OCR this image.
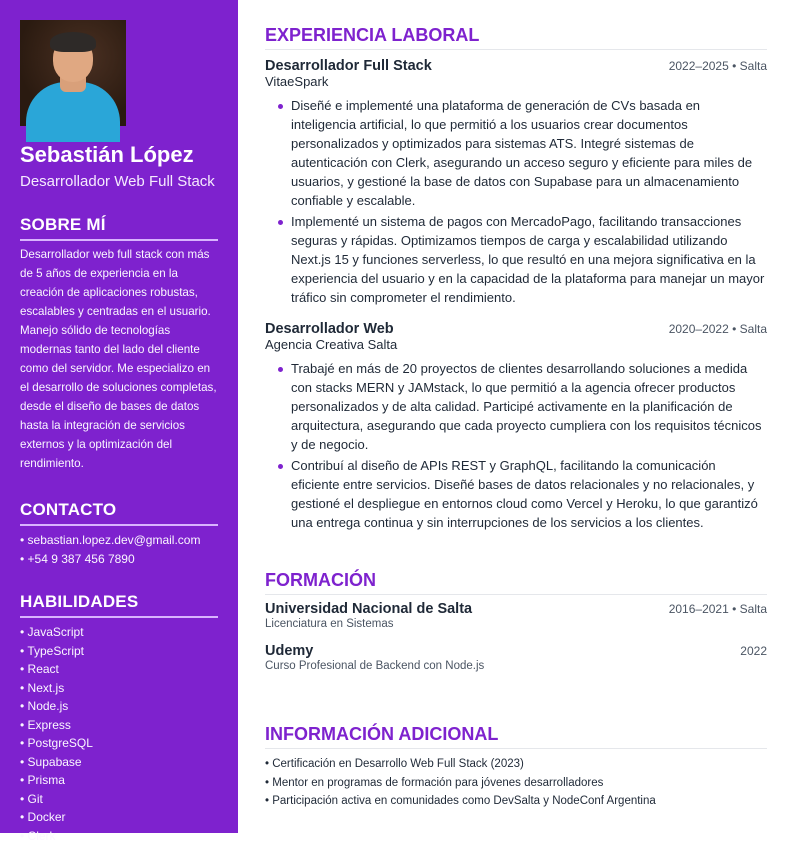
Sebastián López
Desarrollador Web Full Stack
SOBRE MÍ

Desarrollador web full stack con más de 5 años de experiencia en la creación de aplicaciones robustas, escalables y centradas en el usuario. Manejo sólido de tecnologías modernas tanto del lado del cliente como del servidor. Me especializo en el desarrollo de soluciones completas, desde el diseño de bases de datos hasta la integración de servicios externos y la optimización del rendimiento.

CONTACTO
• sebastian.lopez.dev@gmail.com
• +54 9 387 456 7890
HABILIDADES
• JavaScript
• TypeScript
• React
• Next.js
• Node.js
• Express
• PostgreSQL
• Supabase
• Prisma
• Git
• Docker
• Clerk
EXPERIENCIA LABORAL
Desarrollador Full Stack	2022–2025 • Salta
VitaeSpark
Diseñé e implementé una plataforma de generación de CVs basada en inteligencia artificial, lo que permitió a los usuarios crear documentos personalizados y optimizados para sistemas ATS. Integré sistemas de autenticación con Clerk, asegurando un acceso seguro y eficiente para miles de usuarios, y gestioné la base de datos con Supabase para un almacenamiento confiable y escalable.
Implementé un sistema de pagos con MercadoPago, facilitando transacciones seguras y rápidas. Optimizamos tiempos de carga y escalabilidad utilizando Next.js 15 y funciones serverless, lo que resultó en una mejora significativa en la experiencia del usuario y en la capacidad de la plataforma para manejar un mayor tráfico sin comprometer el rendimiento.
Desarrollador Web	2020–2022 • Salta
Agencia Creativa Salta
Trabajé en más de 20 proyectos de clientes desarrollando soluciones a medida con stacks MERN y JAMstack, lo que permitió a la agencia ofrecer productos personalizados y de alta calidad. Participé activamente en la planificación de arquitectura, asegurando que cada proyecto cumpliera con los requisitos técnicos y de negocio.
Contribuí al diseño de APIs REST y GraphQL, facilitando la comunicación eficiente entre servicios. Diseñé bases de datos relacionales y no relacionales, y gestioné el despliegue en entornos cloud como Vercel y Heroku, lo que garantizó una entrega continua y sin interrupciones de los servicios a los clientes.
FORMACIÓN
Universidad Nacional de Salta	2016–2021 • Salta
Licenciatura en Sistemas
Udemy	2022
Curso Profesional de Backend con Node.js
INFORMACIÓN ADICIONAL
• Certificación en Desarrollo Web Full Stack (2023)
• Mentor en programas de formación para jóvenes desarrolladores
• Participación activa en comunidades como DevSalta y NodeConf Argentina
